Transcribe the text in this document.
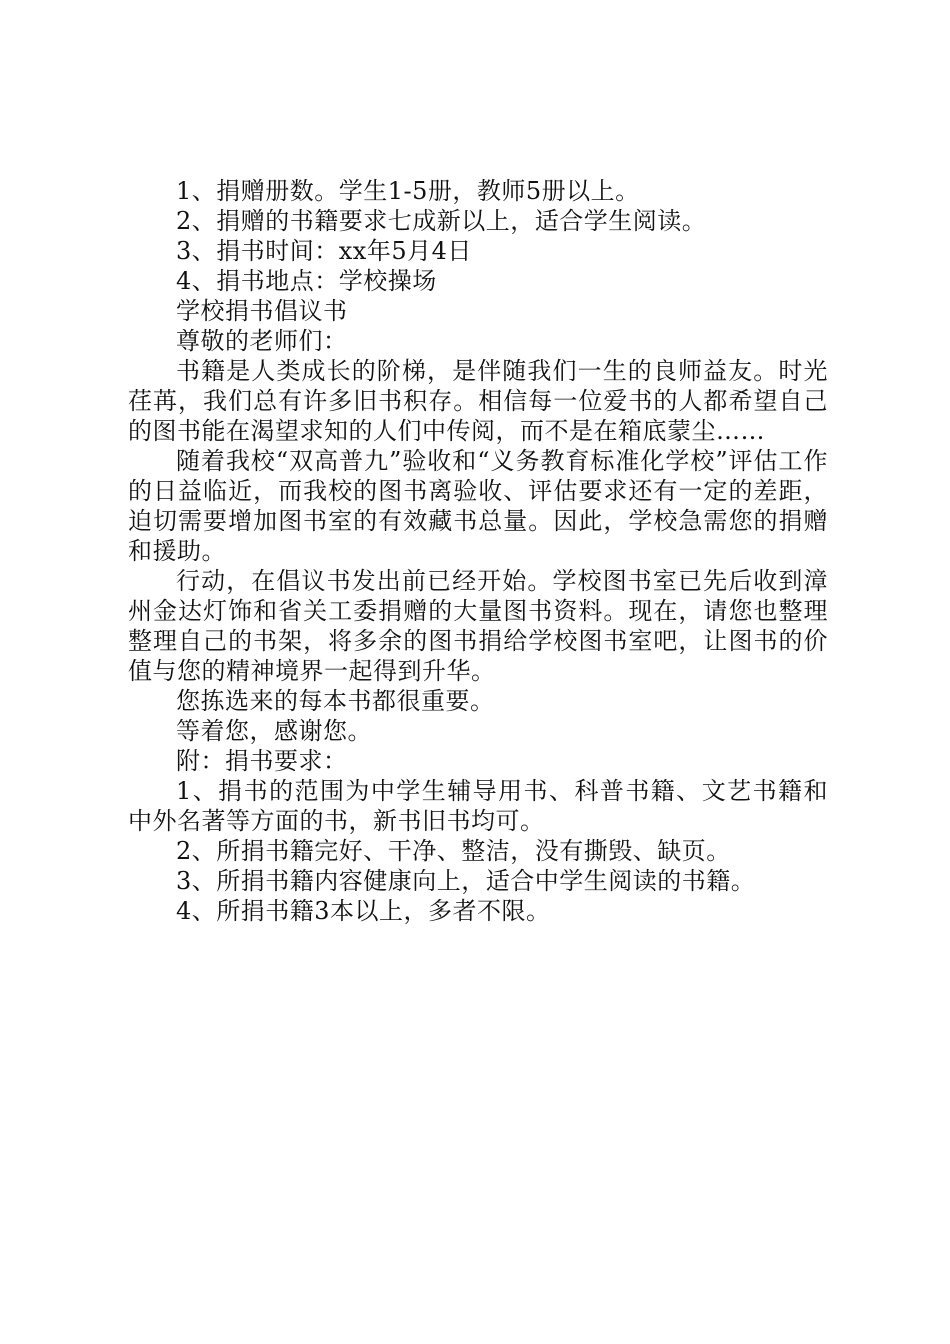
1、捐赠册数。学生1-5册，教师5册以上。

2、捐赠的书籍要求七成新以上，适合学生阅读。

3、捐书时间：xx年5月4日

4、捐书地点：学校操场

学校捐书倡议书

尊敬的老师们：

书籍是人类成长的阶梯，是伴随我们一生的良师益友。时光荏苒，我们总有许多旧书积存。相信每一位爱书的人都希望自己的图书能在渴望求知的人们中传阅，而不是在箱底蒙尘……

随着我校“双高普九”验收和“义务教育标准化学校”评估工作的日益临近，而我校的图书离验收、评估要求还有一定的差距，迫切需要增加图书室的有效藏书总量。因此，学校急需您的捐赠和援助。

行动，在倡议书发出前已经开始。学校图书室已先后收到漳州金达灯饰和省关工委捐赠的大量图书资料。现在，请您也整理整理自己的书架，将多余的图书捐给学校图书室吧，让图书的价值与您的精神境界一起得到升华。

您拣选来的每本书都很重要。

等着您，感谢您。

附：捐书要求：

1、捐书的范围为中学生辅导用书、科普书籍、文艺书籍和中外名著等方面的书，新书旧书均可。

2、所捐书籍完好、干净、整洁，没有撕毁、缺页。

3、所捐书籍内容健康向上，适合中学生阅读的书籍。

4、所捐书籍3本以上，多者不限。
